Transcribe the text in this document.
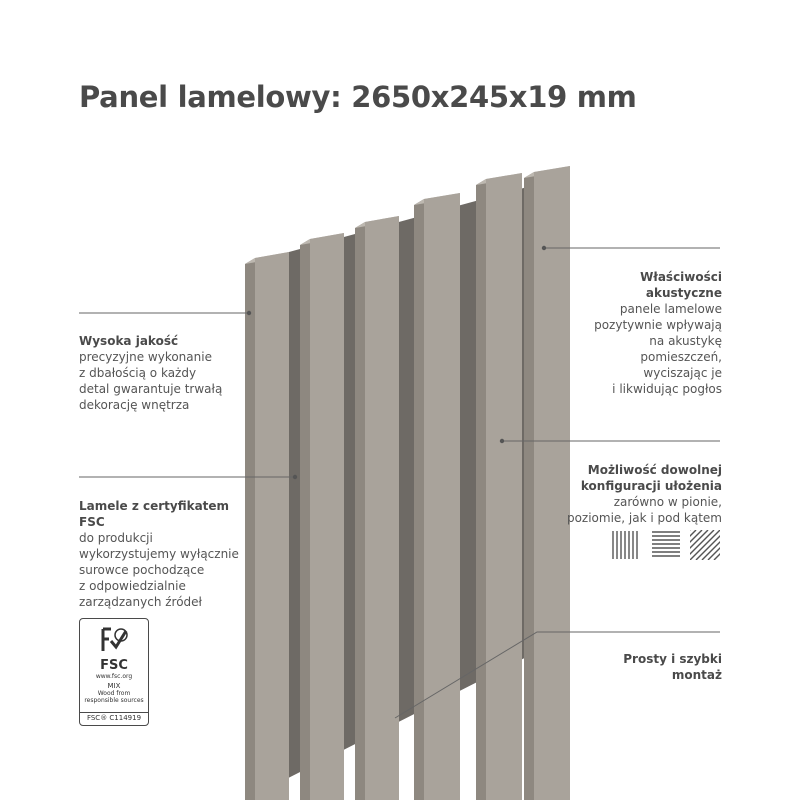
Panel lamelowy: 2650x245x19 mm
Wysoka jakość
precyzyjne wykonanie
z dbałością o każdy
detal gwarantuje trwałą
dekorację wnętrza
Lamele z certyfikatem
FSC
do produkcji
wykorzystujemy wyłącznie
surowce pochodzące
z odpowiedzialnie
zarządzanych źródeł
FSC
www.fsc.org
MIX
Wood from
responsible sources
FSC® C114919
Właściwości
akustyczne
panele lamelowe
pozytywnie wpływają
na akustykę
pomieszczeń,
wyciszając je
i likwidując pogłos
Możliwość dowolnej
konfiguracji ułożenia
zarówno w pionie,
poziomie, jak i pod kątem
Prosty i szybki
montaż
